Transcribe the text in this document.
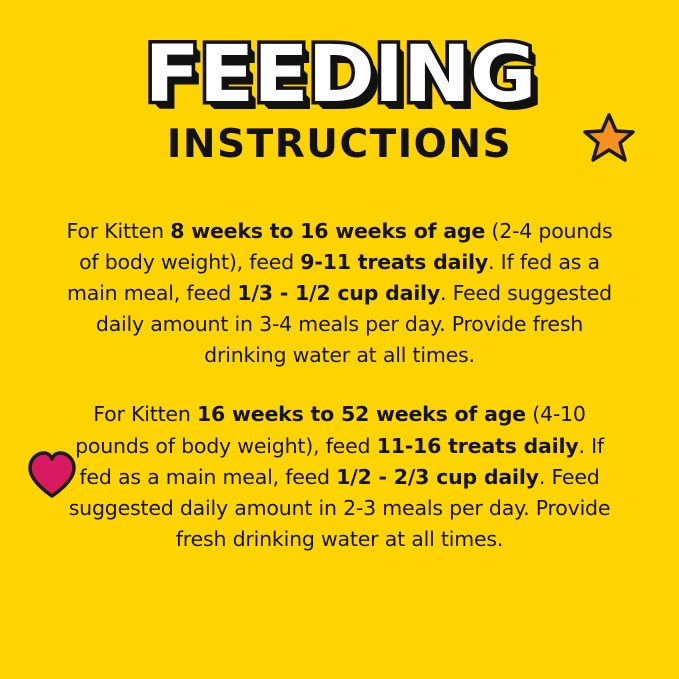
FEEDING
INSTRUCTIONS

For Kitten 8 weeks to 16 weeks of age (2-4 pounds of body weight), feed 9-11 treats daily. If fed as a main meal, feed 1/3 - 1/2 cup daily. Feed suggested daily amount in 3-4 meals per day. Provide fresh drinking water at all times.

For Kitten 16 weeks to 52 weeks of age (4-10 pounds of body weight), feed 11-16 treats daily. If fed as a main meal, feed 1/2 - 2/3 cup daily. Feed suggested daily amount in 2-3 meals per day. Provide fresh drinking water at all times.
